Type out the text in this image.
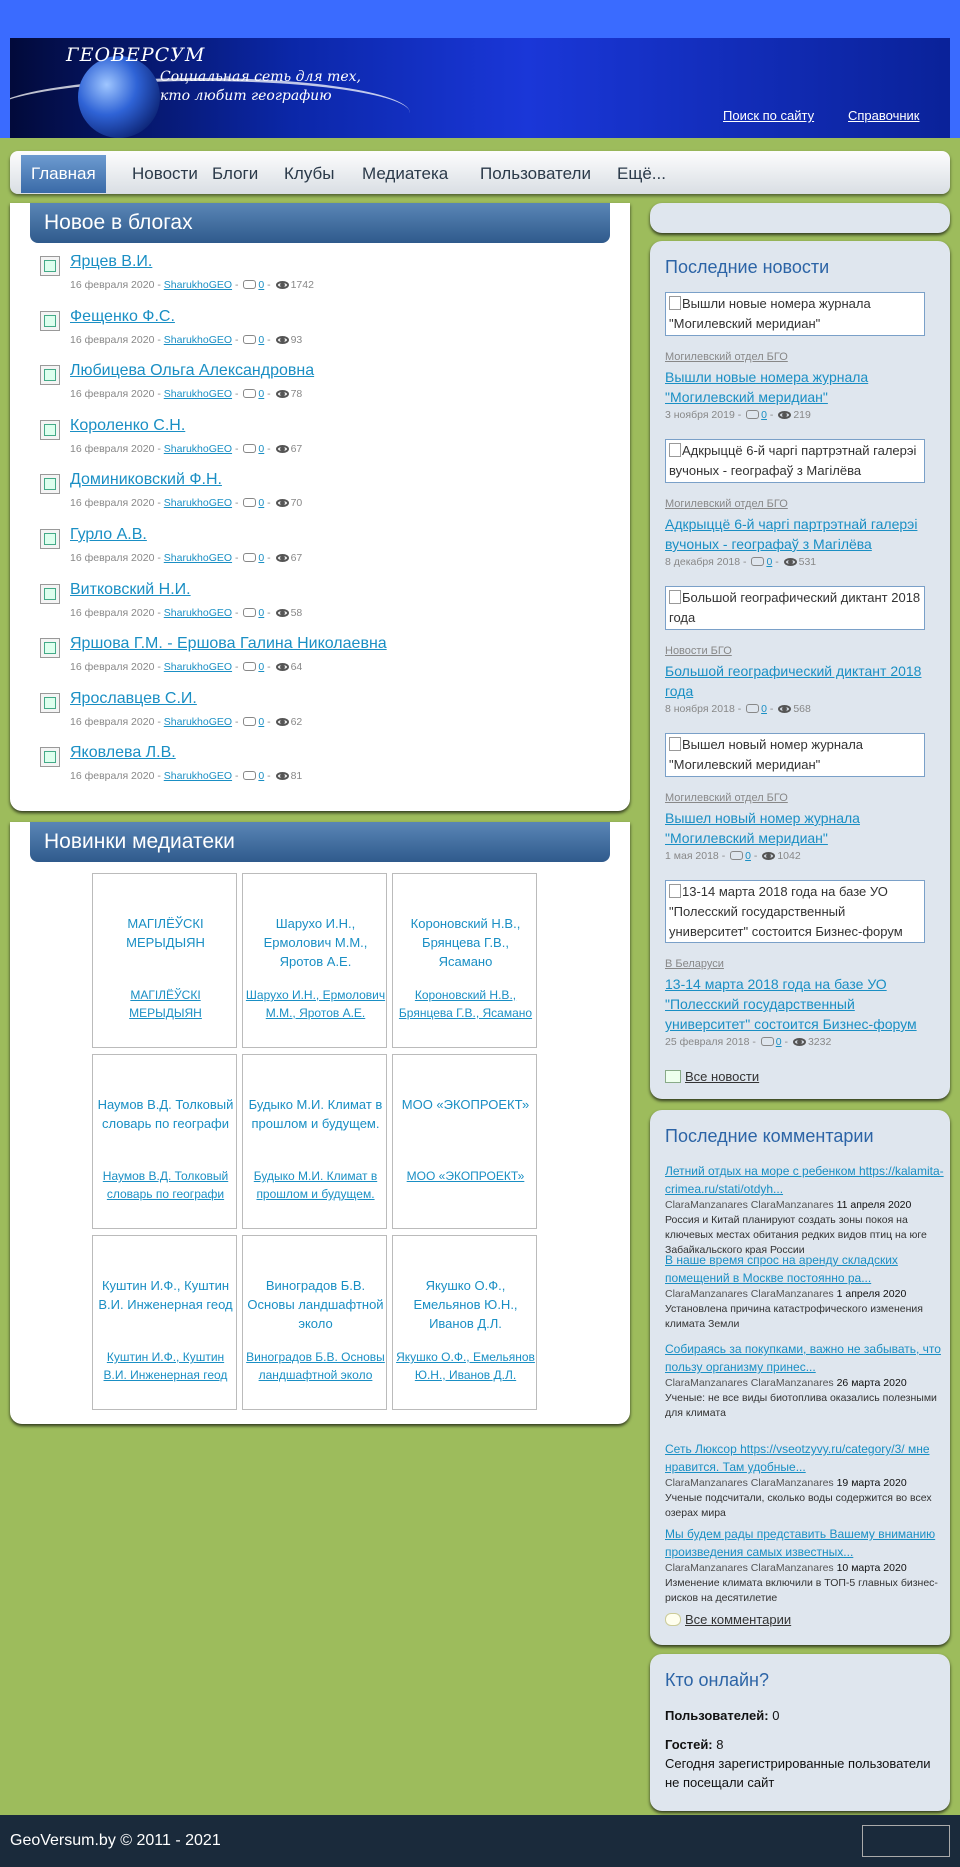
ГЕОВЕРСУМ
Социальная сеть для тех,
кто любит географию
Поиск по сайту	Справочник
Главная	Новости Блоги	Клубы	Медиатека	Пользователи	Ещё...
Новое в блогах
Ярцев В.И.
16 февраля 2020 - SharukhoGEO - 0 - 1742
Фещенко Ф.С.
16 февраля 2020 - SharukhoGEO - 0 - 93
Любицева Ольга Александровна
16 февраля 2020 - SharukhoGEO - 0 - 78
Короленко С.Н.
16 февраля 2020 - SharukhoGEO - 0 - 67
Доминиковский Ф.Н.
16 февраля 2020 - SharukhoGEO - 0 - 70
Гурло А.В.
16 февраля 2020 - SharukhoGEO - 0 - 67
Витковский Н.И.
16 февраля 2020 - SharukhoGEO - 0 - 58
Яршова Г.М. - Ершова Галина Николаевна
16 февраля 2020 - SharukhoGEO - 0 - 64
Ярославцев С.И.
16 февраля 2020 - SharukhoGEO - 0 - 62
Яковлева Л.В.
16 февраля 2020 - SharukhoGEO - 0 - 81
Новинки медиатеки
МАГІЛЁЎСКІ МЕРЫДЫЯН
МАГІЛЁЎСКІ МЕРЫДЫЯН
Шарухо И.Н., Ермолович М.М., Яротов А.Е.
Шарухо И.Н., Ермолович М.М., Яротов А.Е.
Короновский Н.В., Брянцева Г.В., Ясамано
Короновский Н.В., Брянцева Г.В., Ясамано
Наумов В.Д. Толковый словарь по географи
Наумов В.Д. Толковый словарь по географи
Будыко М.И. Климат в прошлом и будущем.
Будыко М.И. Климат в прошлом и будущем.
МОО «ЭКОПРОЕКТ»
МОО «ЭКОПРОЕКТ»
Куштин И.Ф., Куштин В.И. Инженерная геод
Куштин И.Ф., Куштин В.И. Инженерная геод
Виноградов Б.В. Основы ландшафтной эколо
Виноградов Б.В. Основы ландшафтной эколо
Якушко О.Ф., Емельянов Ю.Н., Иванов Д.Л.
Якушко О.Ф., Емельянов Ю.Н., Иванов Д.Л.
Последние новости
Вышли новые номера журнала "Могилевский меридиан"
Могилевский отдел БГО
Вышли новые номера журнала "Могилевский меридиан"
3 ноября 2019 - 0 - 219
Адкрыццё 6-й чаргі партрэтнай галерэі вучоных - географаў з Магілёва
Могилевский отдел БГО
Адкрыццё 6-й чаргі партрэтнай галерэі вучоных - географаў з Магілёва
8 декабря 2018 - 0 - 531
Большой географический диктант 2018 года
Новости БГО
Большой географический диктант 2018 года
8 ноября 2018 - 0 - 568
Вышел новый номер журнала "Могилевский меридиан"
Могилевский отдел БГО
Вышел новый номер журнала "Могилевский меридиан"
1 мая 2018 - 0 - 1042
13-14 марта 2018 года на базе УО "Полесский государственный университет" состоится Бизнес-форум
В Беларуси
13-14 марта 2018 года на базе УО "Полесский государственный университет" состоится Бизнес-форум
25 февраля 2018 - 0 - 3232
Все новости
Последние комментарии
Летний отдых на море с ребенком https://kalamita-crimea.ru/stati/otdyh...
ClaraManzanares ClaraManzanares 11 апреля 2020
Россия и Китай планируют создать зоны покоя на ключевых местах обитания редких видов птиц на юге Забайкальского края России
В наше время спрос на аренду складских помещений в Москве постоянно ра...
ClaraManzanares ClaraManzanares 1 апреля 2020
Установлена причина катастрофического изменения климата Земли
Собираясь за покупками, важно не забывать, что пользу организму принес...
ClaraManzanares ClaraManzanares 26 марта 2020
Ученые: не все виды биотоплива оказались полезными для климата
Сеть Люксор https://vseotzyvy.ru/category/3/ мне нравится. Там удобные...
ClaraManzanares ClaraManzanares 19 марта 2020
Ученые подсчитали, сколько воды содержится во всех озерах мира
Мы будем рады представить Вашему вниманию произведения самых известных...
ClaraManzanares ClaraManzanares 10 марта 2020
Изменение климата включили в ТОП-5 главных бизнес-рисков на десятилетие
Все комментарии
Кто онлайн?
Пользователей: 0
Гостей: 8
Сегодня зарегистрированные пользователи не посещали сайт
GeoVersum.by © 2011 - 2021
